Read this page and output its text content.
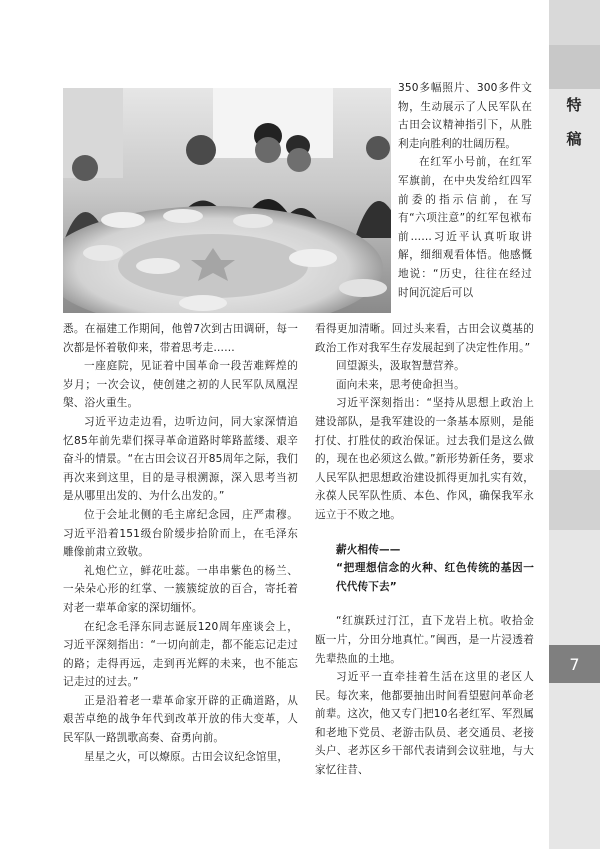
特 稿
7

350多幅照片、300多件文物，生动展示了人民军队在古田会议精神指引下，从胜利走向胜利的壮阔历程。

在红军小号前，在红军军旗前，在中央发给红四军前委的指示信前，在写有“六项注意”的红军包袱布前……习近平认真听取讲解，细细观看体悟。他感慨地说：“历史，往往在经过时间沉淀后可以

悉。在福建工作期间，他曾7次到古田调研，每一次都是怀着敬仰来，带着思考走……

一座庭院，见证着中国革命一段苦难辉煌的岁月；一次会议，使创建之初的人民军队凤凰涅槃、浴火重生。

习近平边走边看，边听边问，同大家深情追忆85年前先辈们探寻革命道路时筚路蓝缕、艰辛奋斗的情景。“在古田会议召开85周年之际，我们再次来到这里，目的是寻根溯源，深入思考当初是从哪里出发的、为什么出发的。”

位于会址北侧的毛主席纪念园，庄严肃穆。习近平沿着151级台阶缓步拾阶而上，在毛泽东雕像前肃立致敬。

礼炮伫立，鲜花吐蕊。一串串紫色的杨兰、一朵朵心形的红掌、一簇簇绽放的百合，寄托着对老一辈革命家的深切缅怀。

在纪念毛泽东同志诞辰120周年座谈会上，习近平深刻指出：“一切向前走，都不能忘记走过的路；走得再远，走到再光辉的未来，也不能忘记走过的过去。”

正是沿着老一辈革命家开辟的正确道路，从艰苦卓绝的战争年代到改革开放的伟大变革，人民军队一路凯歌高奏、奋勇向前。

星星之火，可以燎原。古田会议纪念馆里，

看得更加清晰。回过头来看，古田会议奠基的政治工作对我军生存发展起到了决定性作用。”

回望源头，汲取智慧营养。

面向未来，思考使命担当。

习近平深刻指出：“坚持从思想上政治上建设部队，是我军建设的一条基本原则，是能打仗、打胜仗的政治保证。过去我们是这么做的，现在也必须这么做。”新形势新任务，要求人民军队把思想政治建设抓得更加扎实有效，永葆人民军队性质、本色、作风，确保我军永远立于不败之地。

薪火相传——
“把理想信念的火种、红色传统的基因一代代传下去”

“红旗跃过汀江，直下龙岩上杭。收拾金瓯一片，分田分地真忙。”闽西，是一片浸透着先辈热血的土地。

习近平一直牵挂着生活在这里的老区人民。每次来，他都要抽出时间看望慰问革命老前辈。这次，他又专门把10名老红军、军烈属和老地下党员、老游击队员、老交通员、老接头户、老苏区乡干部代表请到会议驻地，与大家忆往昔、
